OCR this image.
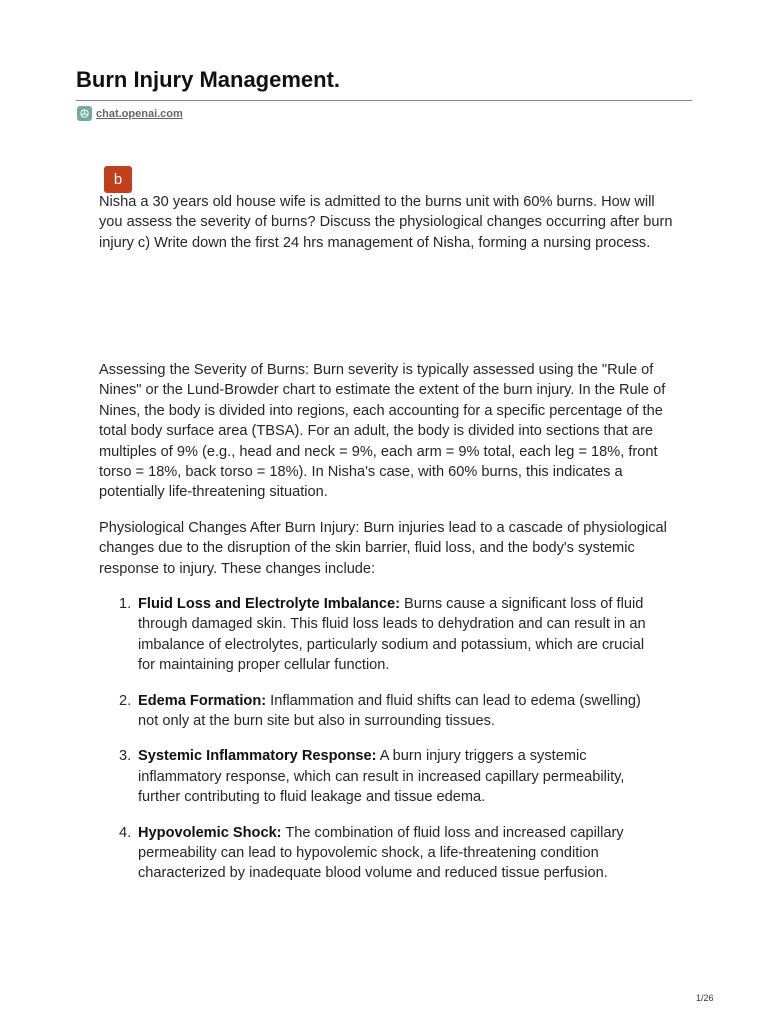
Burn Injury Management.
chat.openai.com
b

Nisha a 30 years old house wife is admitted to the burns unit with 60% burns. How will you assess the severity of burns? Discuss the physiological changes occurring after burn injury c) Write down the first 24 hrs management of Nisha, forming a nursing process.

Assessing the Severity of Burns: Burn severity is typically assessed using the "Rule of Nines" or the Lund-Browder chart to estimate the extent of the burn injury. In the Rule of Nines, the body is divided into regions, each accounting for a specific percentage of the total body surface area (TBSA). For an adult, the body is divided into sections that are multiples of 9% (e.g., head and neck = 9%, each arm = 9% total, each leg = 18%, front torso = 18%, back torso = 18%). In Nisha's case, with 60% burns, this indicates a potentially life-threatening situation.

Physiological Changes After Burn Injury: Burn injuries lead to a cascade of physiological changes due to the disruption of the skin barrier, fluid loss, and the body's systemic response to injury. These changes include:

1. Fluid Loss and Electrolyte Imbalance: Burns cause a significant loss of fluid through damaged skin. This fluid loss leads to dehydration and can result in an imbalance of electrolytes, particularly sodium and potassium, which are crucial for maintaining proper cellular function.
2. Edema Formation: Inflammation and fluid shifts can lead to edema (swelling) not only at the burn site but also in surrounding tissues.
3. Systemic Inflammatory Response: A burn injury triggers a systemic inflammatory response, which can result in increased capillary permeability, further contributing to fluid leakage and tissue edema.
4. Hypovolemic Shock: The combination of fluid loss and increased capillary permeability can lead to hypovolemic shock, a life-threatening condition characterized by inadequate blood volume and reduced tissue perfusion.
1/26
